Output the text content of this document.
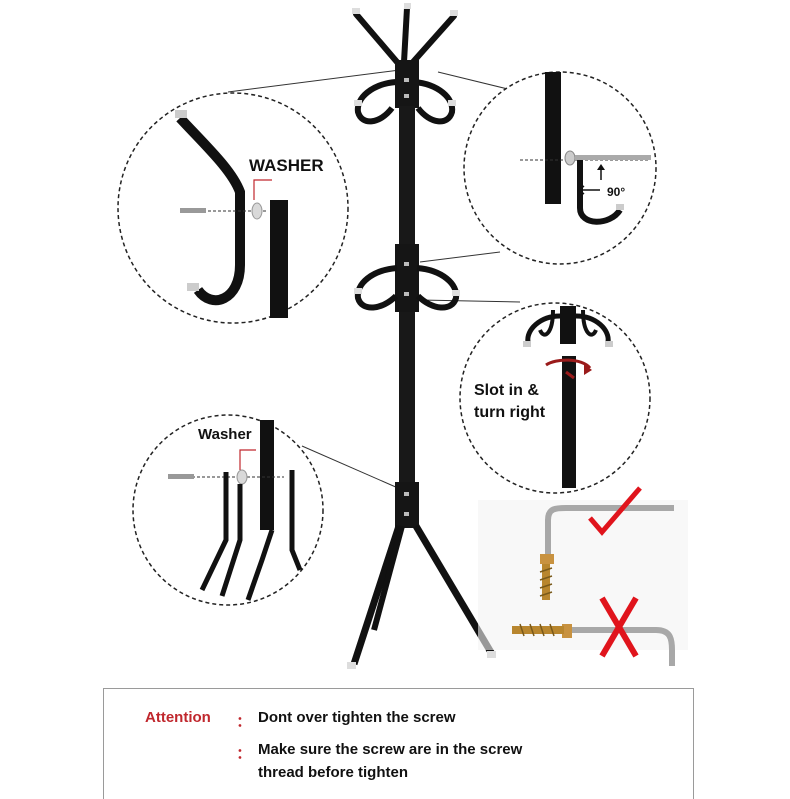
WASHER
90°
Slot in &
turn right
Washer
Attention ：
：
Dont over tighten the screw
Make sure the screw are in the screw
thread before tighten
